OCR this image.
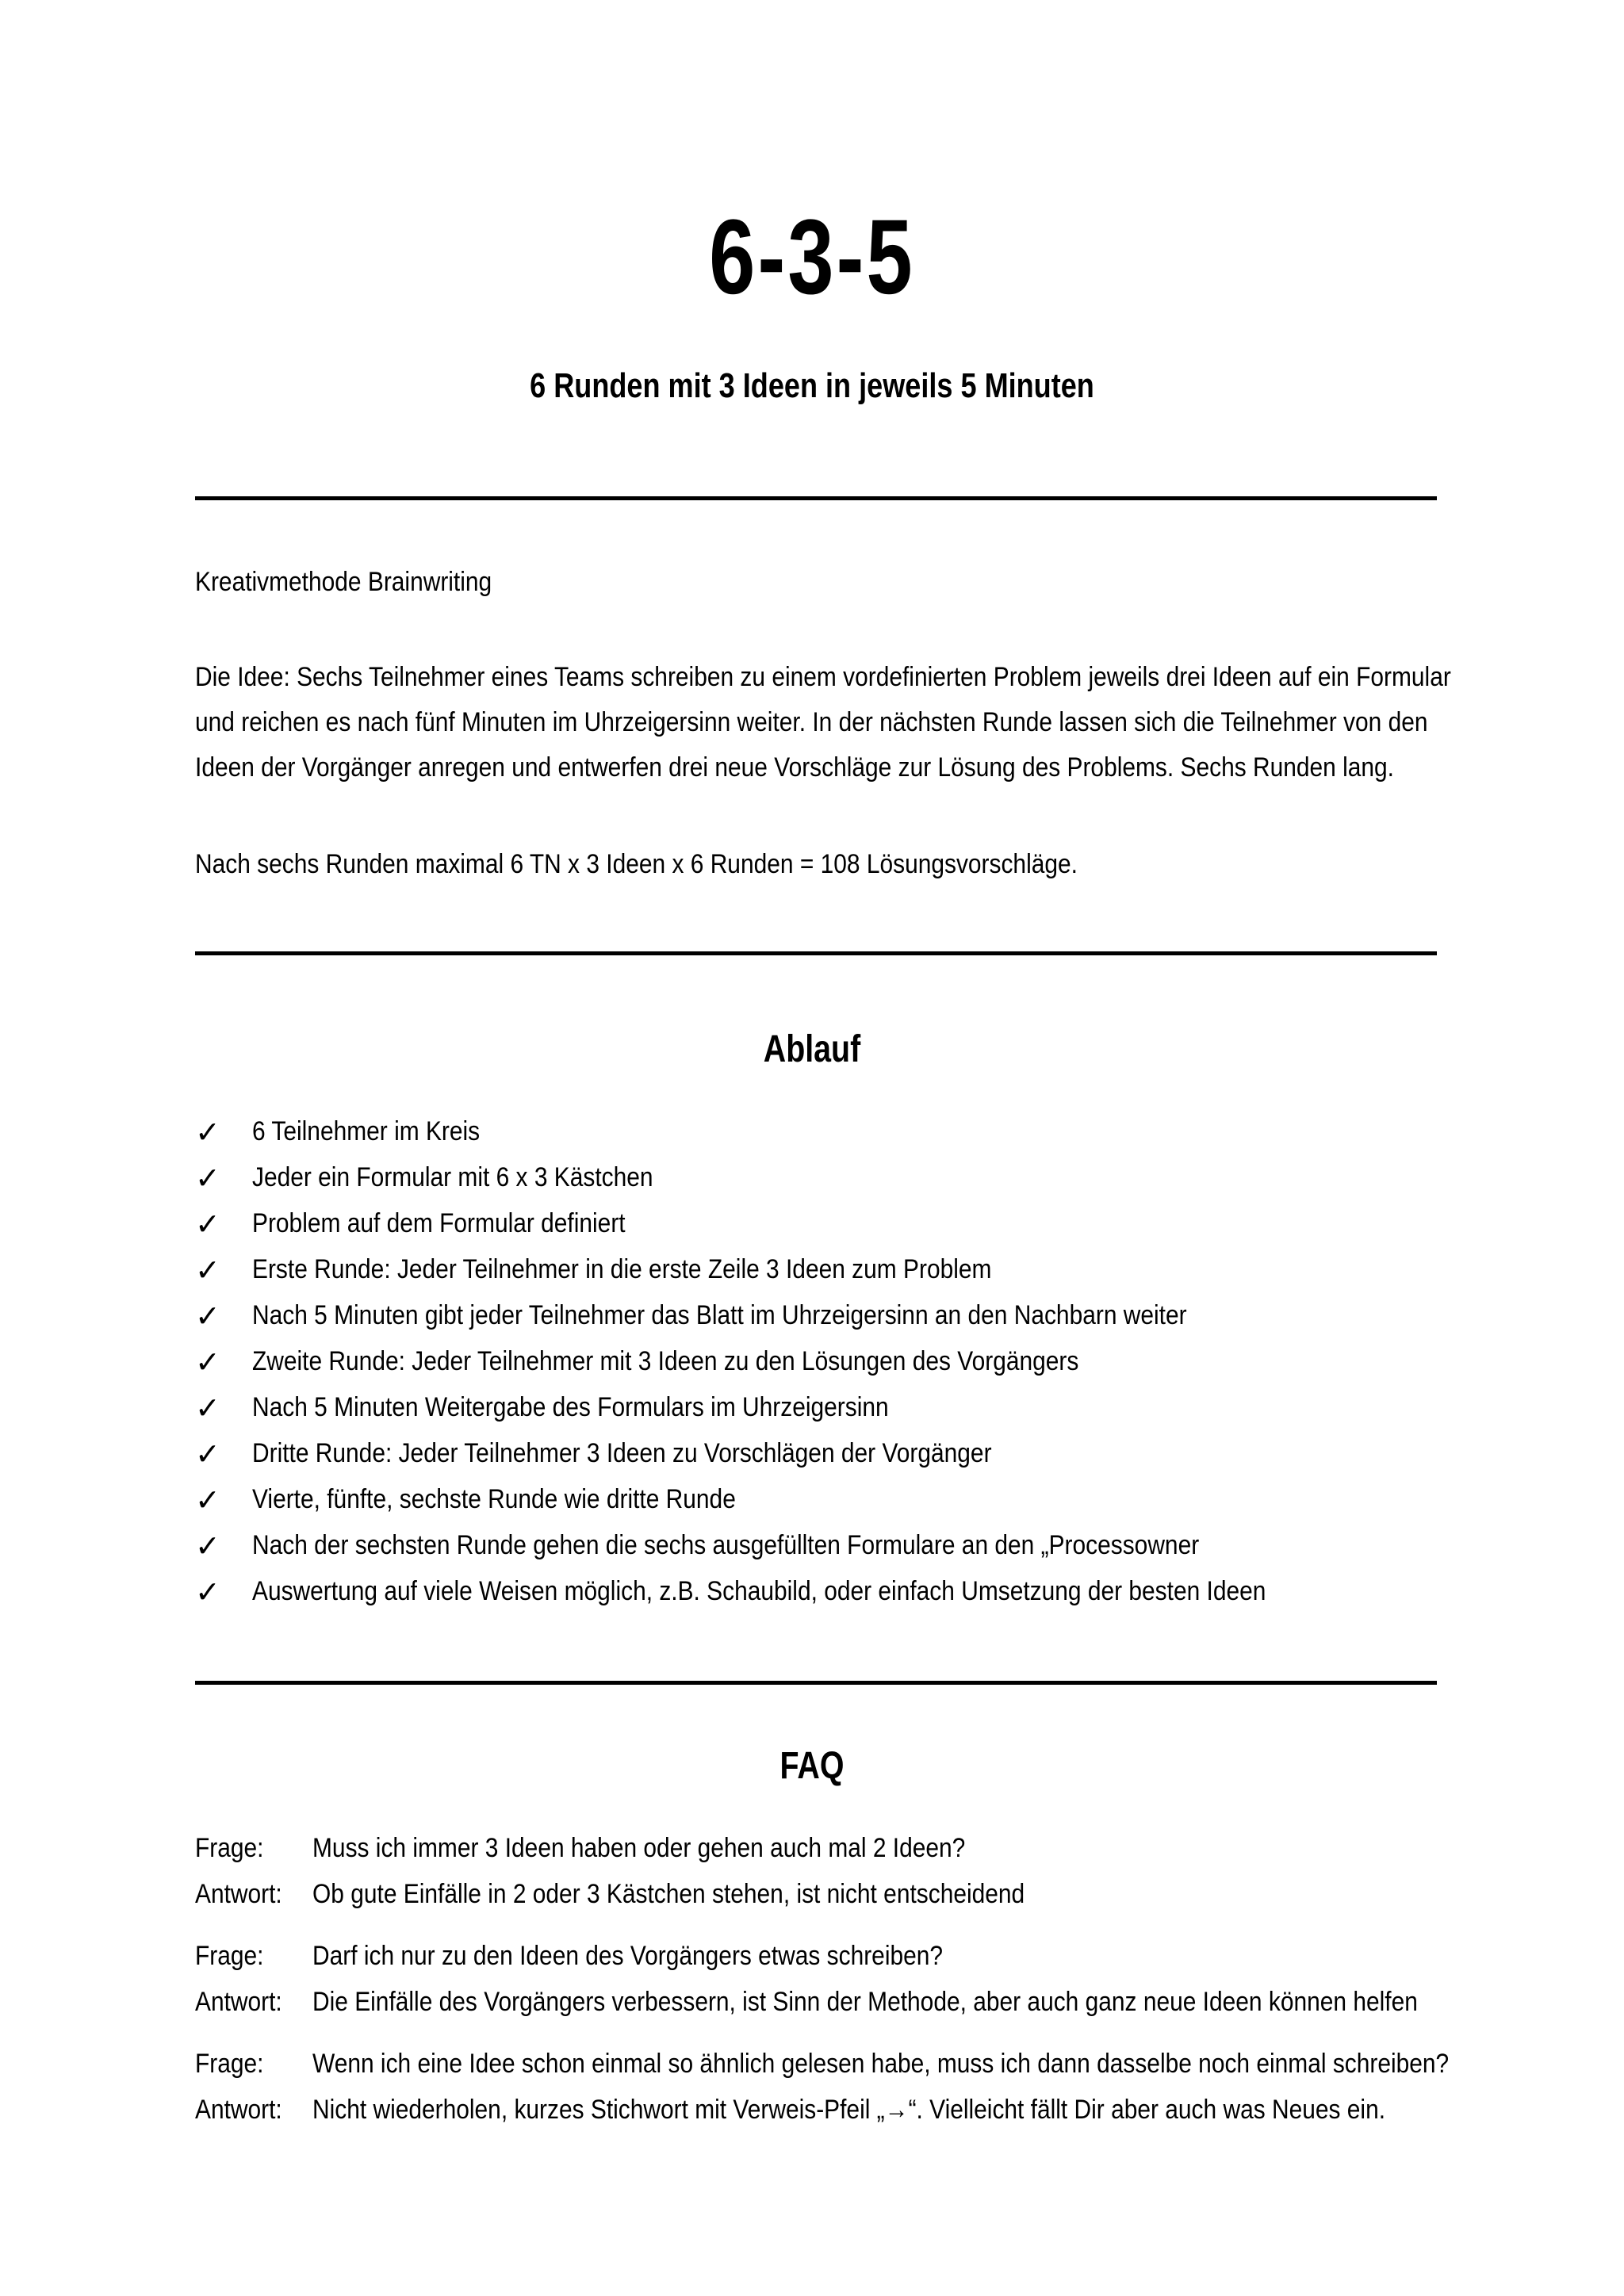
6-3-5
6 Runden mit 3 Ideen in jeweils 5 Minuten
Kreativmethode Brainwriting
Die Idee: Sechs Teilnehmer eines Teams schreiben zu einem vordefinierten Problem jeweils drei Ideen auf ein Formular
und reichen es nach fünf Minuten im Uhrzeigersinn weiter. In der nächsten Runde lassen sich die Teilnehmer von den
Ideen der Vorgänger anregen und entwerfen drei neue Vorschläge zur Lösung des Problems. Sechs Runden lang.
Nach sechs Runden maximal 6 TN x 3 Ideen x 6 Runden = 108 Lösungsvorschläge.
Ablauf
✓ 6 Teilnehmer im Kreis
✓ Jeder ein Formular mit 6 x 3 Kästchen
✓ Problem auf dem Formular definiert
✓ Erste Runde: Jeder Teilnehmer in die erste Zeile 3 Ideen zum Problem
✓ Nach 5 Minuten gibt jeder Teilnehmer das Blatt im Uhrzeigersinn an den Nachbarn weiter
✓ Zweite Runde: Jeder Teilnehmer mit 3 Ideen zu den Lösungen des Vorgängers
✓ Nach 5 Minuten Weitergabe des Formulars im Uhrzeigersinn
✓ Dritte Runde: Jeder Teilnehmer 3 Ideen zu Vorschlägen der Vorgänger
✓ Vierte, fünfte, sechste Runde wie dritte Runde
✓ Nach der sechsten Runde gehen die sechs ausgefüllten Formulare an den „Processowner
✓ Auswertung auf viele Weisen möglich, z.B. Schaubild, oder einfach Umsetzung der besten Ideen
FAQ
Frage: Muss ich immer 3 Ideen haben oder gehen auch mal 2 Ideen?
Antwort: Ob gute Einfälle in 2 oder 3 Kästchen stehen, ist nicht entscheidend
Frage: Darf ich nur zu den Ideen des Vorgängers etwas schreiben?
Antwort: Die Einfälle des Vorgängers verbessern, ist Sinn der Methode, aber auch ganz neue Ideen können helfen
Frage: Wenn ich eine Idee schon einmal so ähnlich gelesen habe, muss ich dann dasselbe noch einmal schreiben?
Antwort: Nicht wiederholen, kurzes Stichwort mit Verweis-Pfeil „→“. Vielleicht fällt Dir aber auch was Neues ein.
